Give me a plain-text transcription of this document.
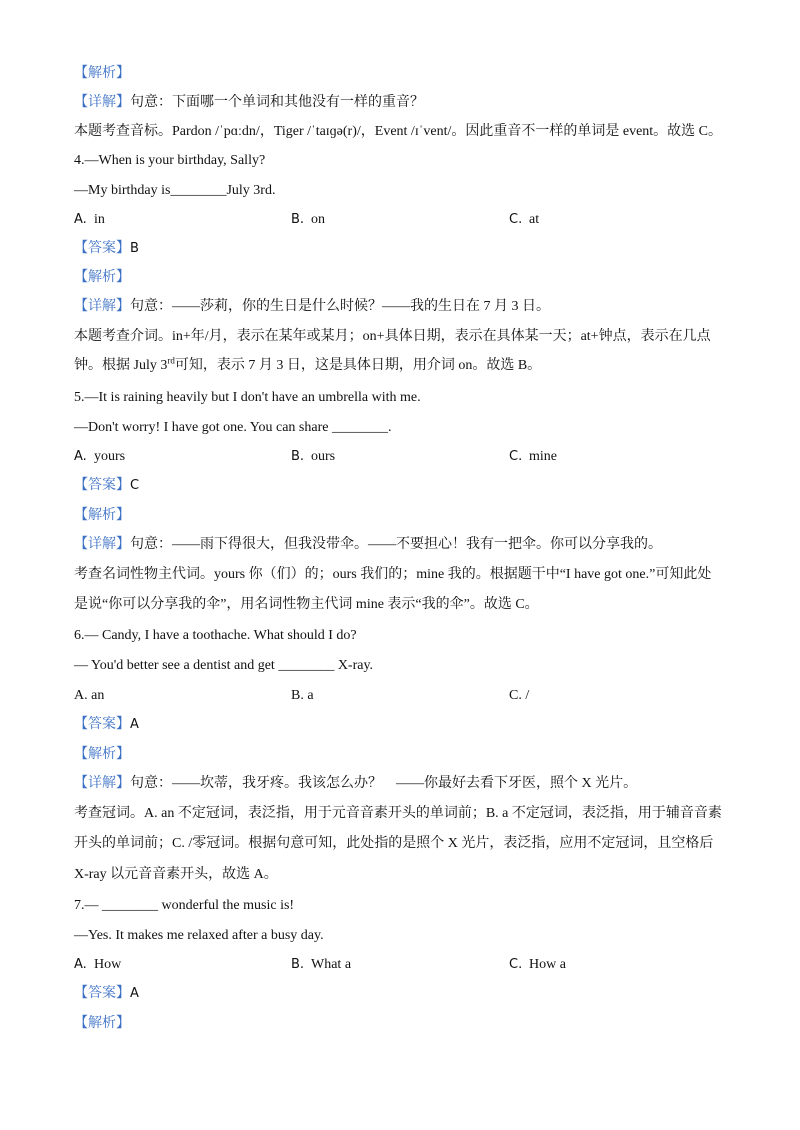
【解析】
【详解】句意：下面哪一个单词和其他没有一样的重音？
本题考查音标。Pardon /ˈpɑːdn/，Tiger /ˈtaɪɡə(r)/，Event /ɪˈvent/。因此重音不一样的单词是 event。故选 C。
4.—When is your birthday, Sally?
—My birthday is________July 3rd.
A. in	B. on	C. at
【答案】B
【解析】
【详解】句意：——莎莉，你的生日是什么时候？——我的生日在 7 月 3 日。
本题考查介词。in+年/月，表示在某年或某月；on+具体日期，表示在具体某一天；at+钟点，表示在几点
钟。根据 July 3rd可知，表示 7 月 3 日，这是具体日期，用介词 on。故选 B。
5.—It is raining heavily but I don't have an umbrella with me.
—Don't worry! I have got one. You can share ________.
A. yours	B. ours	C. mine
【答案】C
【解析】
【详解】句意：——雨下得很大，但我没带伞。——不要担心！我有一把伞。你可以分享我的。
考查名词性物主代词。yours 你（们）的；ours 我们的；mine 我的。根据题干中“I have got one.”可知此处
是说“你可以分享我的伞”，用名词性物主代词 mine 表示“我的伞”。故选 C。
6.— Candy, I have a toothache. What should I do?
— You'd better see a dentist and get ________ X-ray.
A. an	B. a	C. /
【答案】A
【解析】
【详解】句意：——坎蒂，我牙疼。我该怎么办？　——你最好去看下牙医，照个 X 光片。
考查冠词。A. an 不定冠词，表泛指，用于元音音素开头的单词前；B. a 不定冠词，表泛指，用于辅音音素
开头的单词前；C. /零冠词。根据句意可知，此处指的是照个 X 光片，表泛指，应用不定冠词，且空格后
X-ray 以元音音素开头，故选 A。
7.— ________ wonderful the music is!
—Yes. It makes me relaxed after a busy day.
A. How	B. What a	C. How a
【答案】A
【解析】
